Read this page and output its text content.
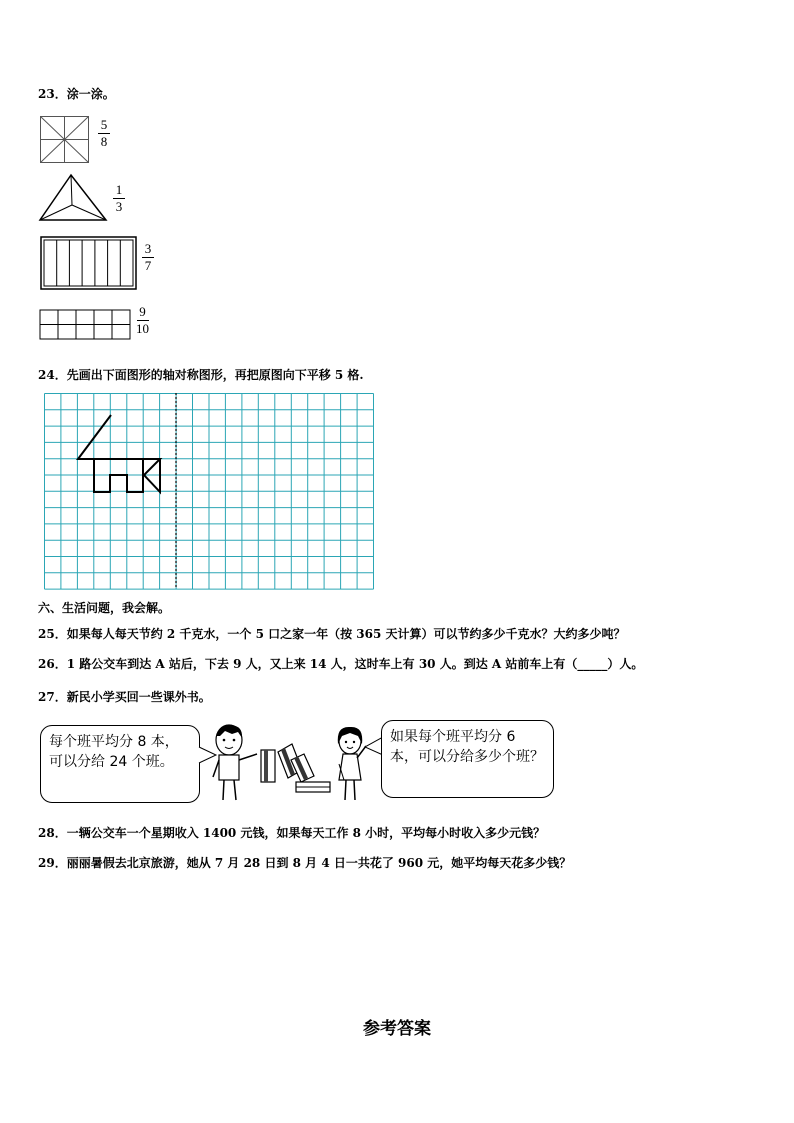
23．涂一涂。
5
8
1
3
3
7
9
10
24．先画出下面图形的轴对称图形，再把原图向下平移 5 格.
六、生活问题，我会解。
25．如果每人每天节约 2 千克水，一个 5 口之家一年（按 365 天计算）可以节约多少千克水？大约多少吨？
26．1 路公交车到达 A 站后，下去 9 人，又上来 14 人，这时车上有 30 人。到达 A 站前车上有（_____）人。
27．新民小学买回一些课外书。
每个班平均分 8 本，可以分给 24 个班。
如果每个班平均分 6 本，可以分给多少个班？
28．一辆公交车一个星期收入 1400 元钱，如果每天工作 8 小时，平均每小时收入多少元钱？
29．丽丽暑假去北京旅游，她从 7 月 28 日到 8 月 4 日一共花了 960 元，她平均每天花多少钱？
参考答案
